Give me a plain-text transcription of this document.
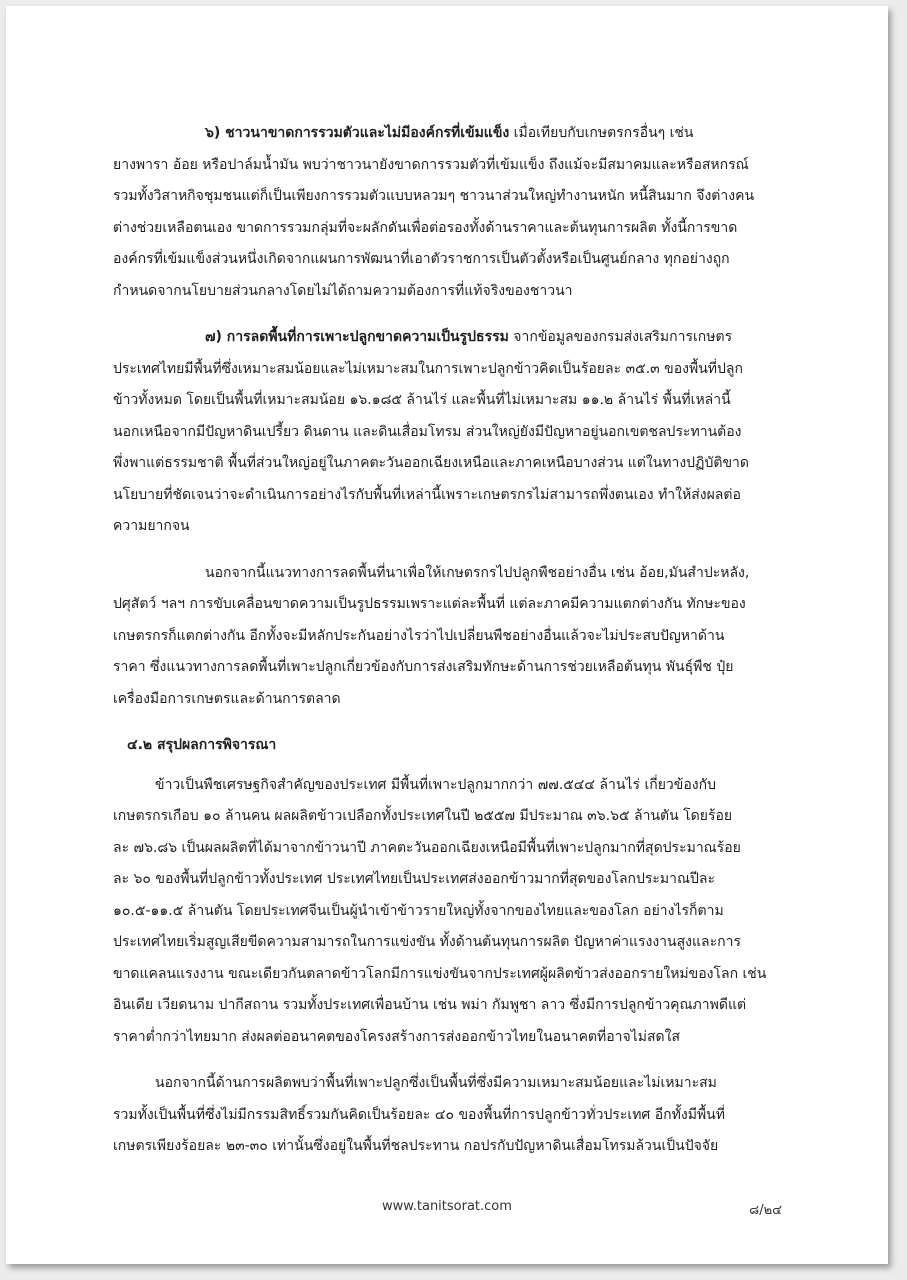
๖) ชาวนาขาดการรวมตัวและไม่มีองค์กรที่เข้มแข็ง เมื่อเทียบกับเกษตรกรอื่นๆ เช่น

ยางพารา อ้อย หรือปาล์มน้ำมัน พบว่าชาวนายังขาดการรวมตัวที่เข้มแข็ง ถึงแม้จะมีสมาคมและหรือสหกรณ์

รวมทั้งวิสาหกิจชุมชนแต่ก็เป็นเพียงการรวมตัวแบบหลวมๆ ชาวนาส่วนใหญ่ทำงานหนัก หนี้สินมาก จึงต่างคน

ต่างช่วยเหลือตนเอง ขาดการรวมกลุ่มที่จะผลักดันเพื่อต่อรองทั้งด้านราคาและต้นทุนการผลิต ทั้งนี้การขาด

องค์กรที่เข้มแข็งส่วนหนึ่งเกิดจากแผนการพัฒนาที่เอาตัวราชการเป็นตัวตั้งหรือเป็นศูนย์กลาง ทุกอย่างถูก

กำหนดจากนโยบายส่วนกลางโดยไม่ได้ถามความต้องการที่แท้จริงของชาวนา

๗) การลดพื้นที่การเพาะปลูกขาดความเป็นรูปธรรม จากข้อมูลของกรมส่งเสริมการเกษตร

ประเทศไทยมีพื้นที่ซึ่งเหมาะสมน้อยและไม่เหมาะสมในการเพาะปลูกข้าวคิดเป็นร้อยละ ๓๕.๓ ของพื้นที่ปลูก

ข้าวทั้งหมด โดยเป็นพื้นที่เหมาะสมน้อย ๑๖.๑๘๕ ล้านไร่ และพื้นที่ไม่เหมาะสม ๑๑.๒ ล้านไร่ พื้นที่เหล่านี้

นอกเหนือจากมีปัญหาดินเปรี้ยว ดินดาน และดินเสื่อมโทรม ส่วนใหญ่ยังมีปัญหาอยู่นอกเขตชลประทานต้อง

พึ่งพาแต่ธรรมชาติ พื้นที่ส่วนใหญ่อยู่ในภาคตะวันออกเฉียงเหนือและภาคเหนือบางส่วน แต่ในทางปฏิบัติขาด

นโยบายที่ชัดเจนว่าจะดำเนินการอย่างไรกับพื้นที่เหล่านี้เพราะเกษตรกรไม่สามารถพึ่งตนเอง ทำให้ส่งผลต่อ

ความยากจน

นอกจากนี้แนวทางการลดพื้นที่นาเพื่อให้เกษตรกรไปปลูกพืชอย่างอื่น เช่น อ้อย,มันสำปะหลัง,

ปศุสัตว์ ฯลฯ การขับเคลื่อนขาดความเป็นรูปธรรมเพราะแต่ละพื้นที่ แต่ละภาคมีความแตกต่างกัน ทักษะของ

เกษตรกรก็แตกต่างกัน อีกทั้งจะมีหลักประกันอย่างไรว่าไปเปลี่ยนพืชอย่างอื่นแล้วจะไม่ประสบปัญหาด้าน

ราคา ซึ่งแนวทางการลดพื้นที่เพาะปลูกเกี่ยวข้องกับการส่งเสริมทักษะด้านการช่วยเหลือต้นทุน พันธุ์พืช ปุ๋ย

เครื่องมือการเกษตรและด้านการตลาด

๔.๒ สรุปผลการพิจารณา

ข้าวเป็นพืชเศรษฐกิจสำคัญของประเทศ มีพื้นที่เพาะปลูกมากกว่า ๗๗.๕๔๔ ล้านไร่ เกี่ยวข้องกับ

เกษตรกรเกือบ ๑๐ ล้านคน ผลผลิตข้าวเปลือกทั้งประเทศในปี ๒๕๕๗ มีประมาณ ๓๖.๖๕ ล้านตัน โดยร้อย

ละ ๗๖.๘๖ เป็นผลผลิตที่ได้มาจากข้าวนาปี ภาคตะวันออกเฉียงเหนือมีพื้นที่เพาะปลูกมากที่สุดประมาณร้อย

ละ ๖๐ ของพื้นที่ปลูกข้าวทั้งประเทศ ประเทศไทยเป็นประเทศส่งออกข้าวมากที่สุดของโลกประมาณปีละ

๑๐.๕-๑๑.๕ ล้านตัน โดยประเทศจีนเป็นผู้นำเข้าข้าวรายใหญ่ทั้งจากของไทยและของโลก อย่างไรก็ตาม

ประเทศไทยเริ่มสูญเสียขีดความสามารถในการแข่งขัน ทั้งด้านต้นทุนการผลิต ปัญหาค่าแรงงานสูงและการ

ขาดแคลนแรงงาน ขณะเดียวกันตลาดข้าวโลกมีการแข่งขันจากประเทศผู้ผลิตข้าวส่งออกรายใหม่ของโลก เช่น

อินเดีย เวียดนาม ปากีสถาน รวมทั้งประเทศเพื่อนบ้าน เช่น พม่า กัมพูชา ลาว ซึ่งมีการปลูกข้าวคุณภาพดีแต่

ราคาต่ำกว่าไทยมาก ส่งผลต่ออนาคตของโครงสร้างการส่งออกข้าวไทยในอนาคตที่อาจไม่สดใส

นอกจากนี้ด้านการผลิตพบว่าพื้นที่เพาะปลูกซึ่งเป็นพื้นที่ซึ่งมีความเหมาะสมน้อยและไม่เหมาะสม

รวมทั้งเป็นพื้นที่ซึ่งไม่มีกรรมสิทธิ์รวมกันคิดเป็นร้อยละ ๔๐ ของพื้นที่การปลูกข้าวทั่วประเทศ อีกทั้งมีพื้นที่

เกษตรเพียงร้อยละ ๒๓-๓๐ เท่านั้นซึ่งอยู่ในพื้นที่ชลประทาน กอปรกับปัญหาดินเสื่อมโทรมล้วนเป็นปัจจัย

www.tanitsorat.com	๘/๒๔
